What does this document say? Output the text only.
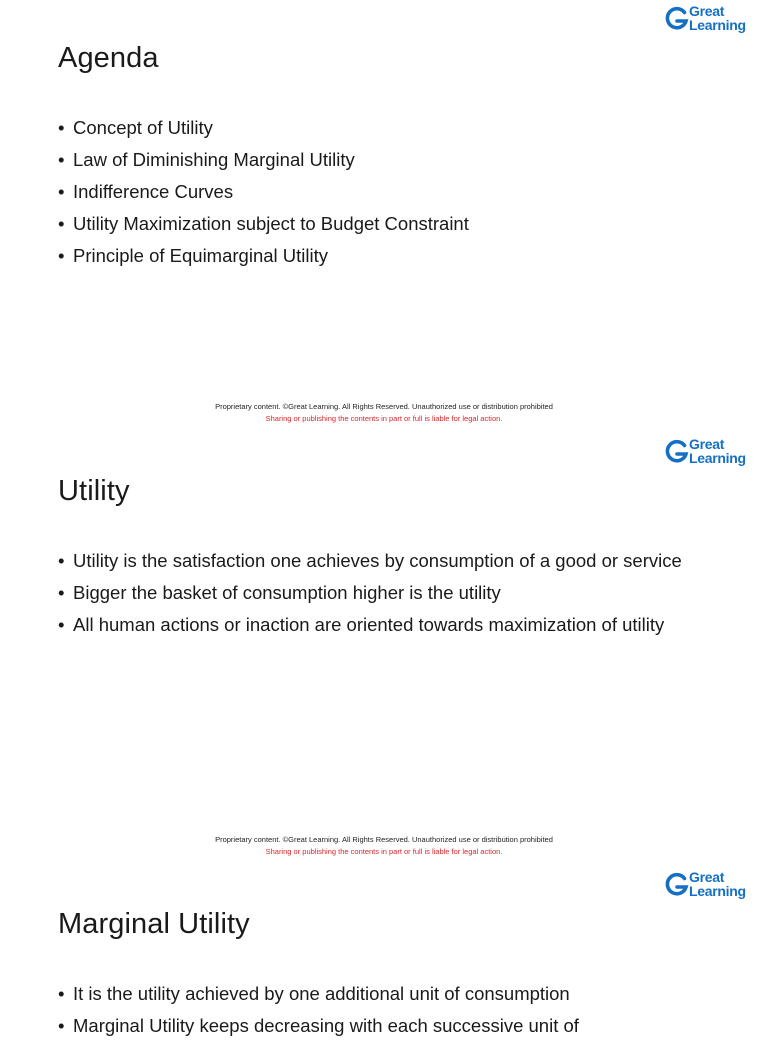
Great
Learning
Agenda
• Concept of Utility
• Law of Diminishing Marginal Utility
• Indifference Curves
• Utility Maximization subject to Budget Constraint
• Principle of Equimarginal Utility
Proprietary content. ©Great Learning. All Rights Reserved. Unauthorized use or distribution prohibited
Sharing or publishing the contents in part or full is liable for legal action.
Great
Learning
Utility
• Utility is the satisfaction one achieves by consumption of a good or service
• Bigger the basket of consumption higher is the utility
• All human actions or inaction are oriented towards maximization of utility
Proprietary content. ©Great Learning. All Rights Reserved. Unauthorized use or distribution prohibited
Sharing or publishing the contents in part or full is liable for legal action.
Great
Learning
Marginal Utility
• It is the utility achieved by one additional unit of consumption
• Marginal Utility keeps decreasing with each successive unit of
